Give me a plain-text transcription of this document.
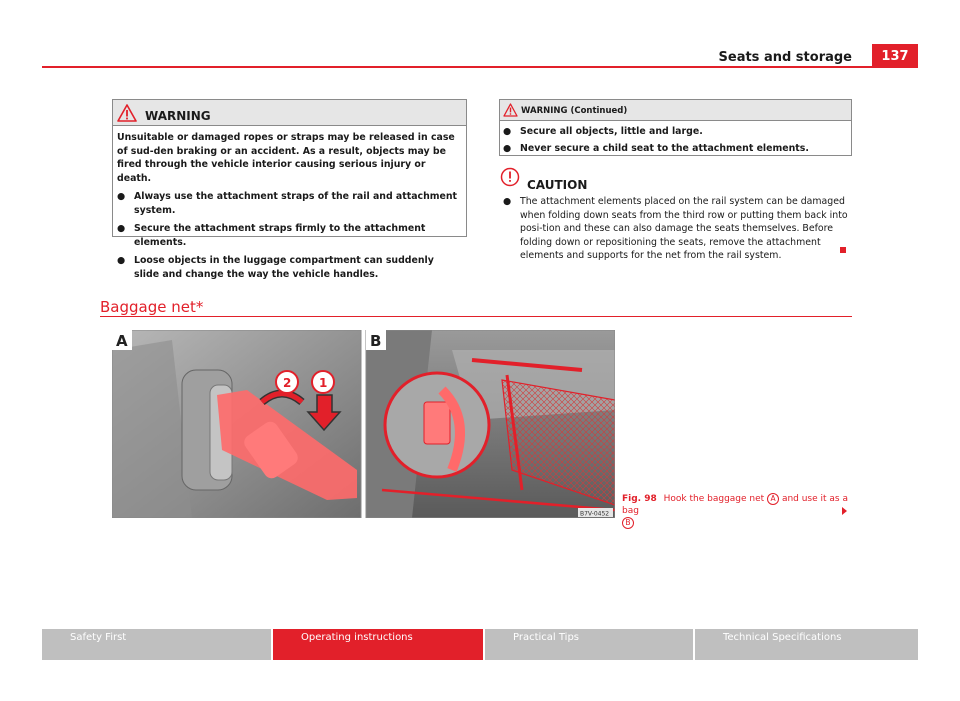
Seats and storage	137
WARNING

Unsuitable or damaged ropes or straps may be released in case of sud-den braking or an accident. As a result, objects may be fired through the vehicle interior causing serious injury or death.

● Always use the attachment straps of the rail and attachment system.
● Secure the attachment straps firmly to the attachment elements.
● Loose objects in the luggage compartment can suddenly slide and change the way the vehicle handles.
WARNING (Continued)
● Secure all objects, little and large.
● Never secure a child seat to the attachment elements.
CAUTION
● The attachment elements placed on the rail system can be damaged when folding down seats from the third row or putting them back into posi-tion and these can also damage the seats themselves. Before folding down or repositioning the seats, remove the attachment elements and supports for the net from the rail system.
Baggage net*
A	B
2 1
B7V-0452
Fig. 98 Hook the baggage net A and use it as a bag
B
Safety First	Operating instructions	Practical Tips	Technical Specifications
